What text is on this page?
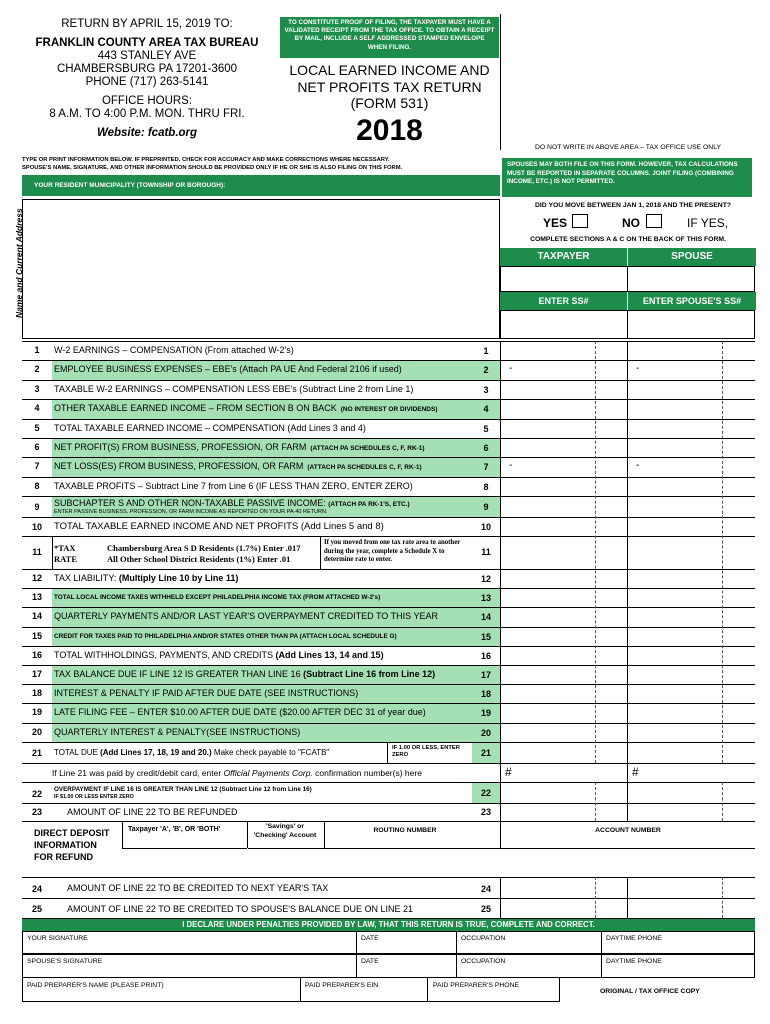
RETURN BY APRIL 15, 2019 TO:
FRANKLIN COUNTY AREA TAX BUREAU
443 STANLEY AVE
CHAMBERSBURG PA 17201-3600
PHONE (717) 263-5141
OFFICE HOURS:
8 A.M. TO 4:00 P.M. MON. THRU FRI.
Website: fcatb.org
TO CONSTITUTE PROOF OF FILING, THE TAXPAYER MUST HAVE A VALIDATED RECEIPT FROM THE TAX OFFICE. TO OBTAIN A RECEIPT BY MAIL, INCLUDE A SELF ADDRESSED STAMPED ENVELOPE WHEN FILING.
LOCAL EARNED INCOME AND
NET PROFITS TAX RETURN
(FORM 531)
2018
DO NOT WRITE IN ABOVE AREA – TAX OFFICE USE ONLY
SPOUSES MAY BOTH FILE ON THIS FORM. HOWEVER, TAX CALCULATIONS MUST BE REPORTED IN SEPARATE COLUMNS. JOINT FILING (COMBINING INCOME, ETC.) IS NOT PERMITTED.
TYPE OR PRINT INFORMATION BELOW. IF PREPRINTED, CHECK FOR ACCURACY AND MAKE CORRECTIONS WHERE NECESSARY.
SPOUSE'S NAME, SIGNATURE, AND OTHER INFORMATION SHOULD BE PROVIDED ONLY IF HE OR SHE IS ALSO FILING ON THIS FORM.
YOUR RESIDENT MUNICIPALITY (TOWNSHIP OR BOROUGH):
Name and Current Address
DID YOU MOVE BETWEEN JAN 1, 2018 AND THE PRESENT?
YES	NO	IF YES,
COMPLETE SECTIONS A & C ON THE BACK OF THIS FORM.
TAXPAYER	SPOUSE
ENTER SS#	ENTER SPOUSE'S SS#
1	W-2 EARNINGS – COMPENSATION (From attached W-2's)	1
2	EMPLOYEE BUSINESS EXPENSES – EBE's (Attach PA UE And Federal 2106 if used)	2	-	-
3	TAXABLE W-2 EARNINGS – COMPENSATION LESS EBE's (Subtract Line 2 from Line 1)	3
4	OTHER TAXABLE EARNED INCOME – FROM SECTION B ON BACK (NO INTEREST OR DIVIDENDS)	4
5	TOTAL TAXABLE EARNED INCOME – COMPENSATION (Add Lines 3 and 4)	5
6	NET PROFIT(S) FROM BUSINESS, PROFESSION, OR FARM (ATTACH PA SCHEDULES C, F, RK-1)	6
7	NET LOSS(ES) FROM BUSINESS, PROFESSION, OR FARM (ATTACH PA SCHEDULES C, F, RK-1)	7	-	-
8	TAXABLE PROFITS – Subtract Line 7 from Line 6 (IF LESS THAN ZERO, ENTER ZERO)	8
9	SUBCHAPTER S AND OTHER NON-TAXABLE PASSIVE INCOME: (ATTACH PA RK-1'S, ETC.)
ENTER PASSIVE BUSINESS, PROFESSION, OR FARM INCOME AS REPORTED ON YOUR PA-40 RETURN.	9
10	TOTAL TAXABLE EARNED INCOME AND NET PROFITS (Add Lines 5 and 8)	10
11	*TAX
RATE
Chambersburg Area S D Residents (1.7%) Enter .017
All Other School District Residents (1%) Enter .01
If you moved from one tax rate area to another during the year, complete a Schedule X to determine rate to enter.
11
12	TAX LIABILITY: (Multiply Line 10 by Line 11)	12
13	TOTAL LOCAL INCOME TAXES WITHHELD EXCEPT PHILADELPHIA INCOME TAX (FROM ATTACHED W-2's)	13
14	QUARTERLY PAYMENTS AND/OR LAST YEAR'S OVERPAYMENT CREDITED TO THIS YEAR	14
15	CREDIT FOR TAXES PAID TO PHILADELPHIA AND/OR STATES OTHER THAN PA (ATTACH LOCAL SCHEDULE G)	15
16	TOTAL WITHHOLDINGS, PAYMENTS, AND CREDITS (Add Lines 13, 14 and 15)	16
17	TAX BALANCE DUE IF LINE 12 IS GREATER THAN LINE 16 (Subtract Line 16 from Line 12)	17
18	INTEREST & PENALTY IF PAID AFTER DUE DATE (SEE INSTRUCTIONS)	18
19	LATE FILING FEE – ENTER $10.00 AFTER DUE DATE ($20.00 AFTER DEC 31 of year due)	19
20	QUARTERLY INTEREST & PENALTY(SEE INSTRUCTIONS)	20
21	TOTAL DUE (Add Lines 17, 18, 19 and 20.) Make check payable to "FCATB"	IF 1.00 OR LESS, ENTER ZERO	21
If Line 21 was paid by credit/debit card, enter Official Payments Corp. confirmation number(s) here	#	#
22	OVERPAYMENT IF LINE 16 IS GREATER THAN LINE 12 (Subtract Line 12 from Line 16)
IF $1.00 OR LESS ENTER ZERO	22
23	AMOUNT OF LINE 22 TO BE REFUNDED	23
DIRECT DEPOSIT INFORMATION FOR REFUND
Taxpayer 'A', 'B', OR 'BOTH'	'Savings' or 'Checking' Account
ROUTING NUMBER	ACCOUNT NUMBER
24	AMOUNT OF LINE 22 TO BE CREDITED TO NEXT YEAR'S TAX	24
25	AMOUNT OF LINE 22 TO BE CREDITED TO SPOUSE'S BALANCE DUE ON LINE 21	25
I DECLARE UNDER PENALTIES PROVIDED BY LAW, THAT THIS RETURN IS TRUE, COMPLETE AND CORRECT.
YOUR SIGNATURE	DATE	OCCUPATION	DAYTIME PHONE
SPOUSE'S SIGNATURE	DATE	OCCUPATION	DAYTIME PHONE
PAID PREPARER'S NAME (PLEASE PRINT)	PAID PREPARER'S EIN	PAID PREPARER'S PHONE
ORIGINAL / TAX OFFICE COPY
